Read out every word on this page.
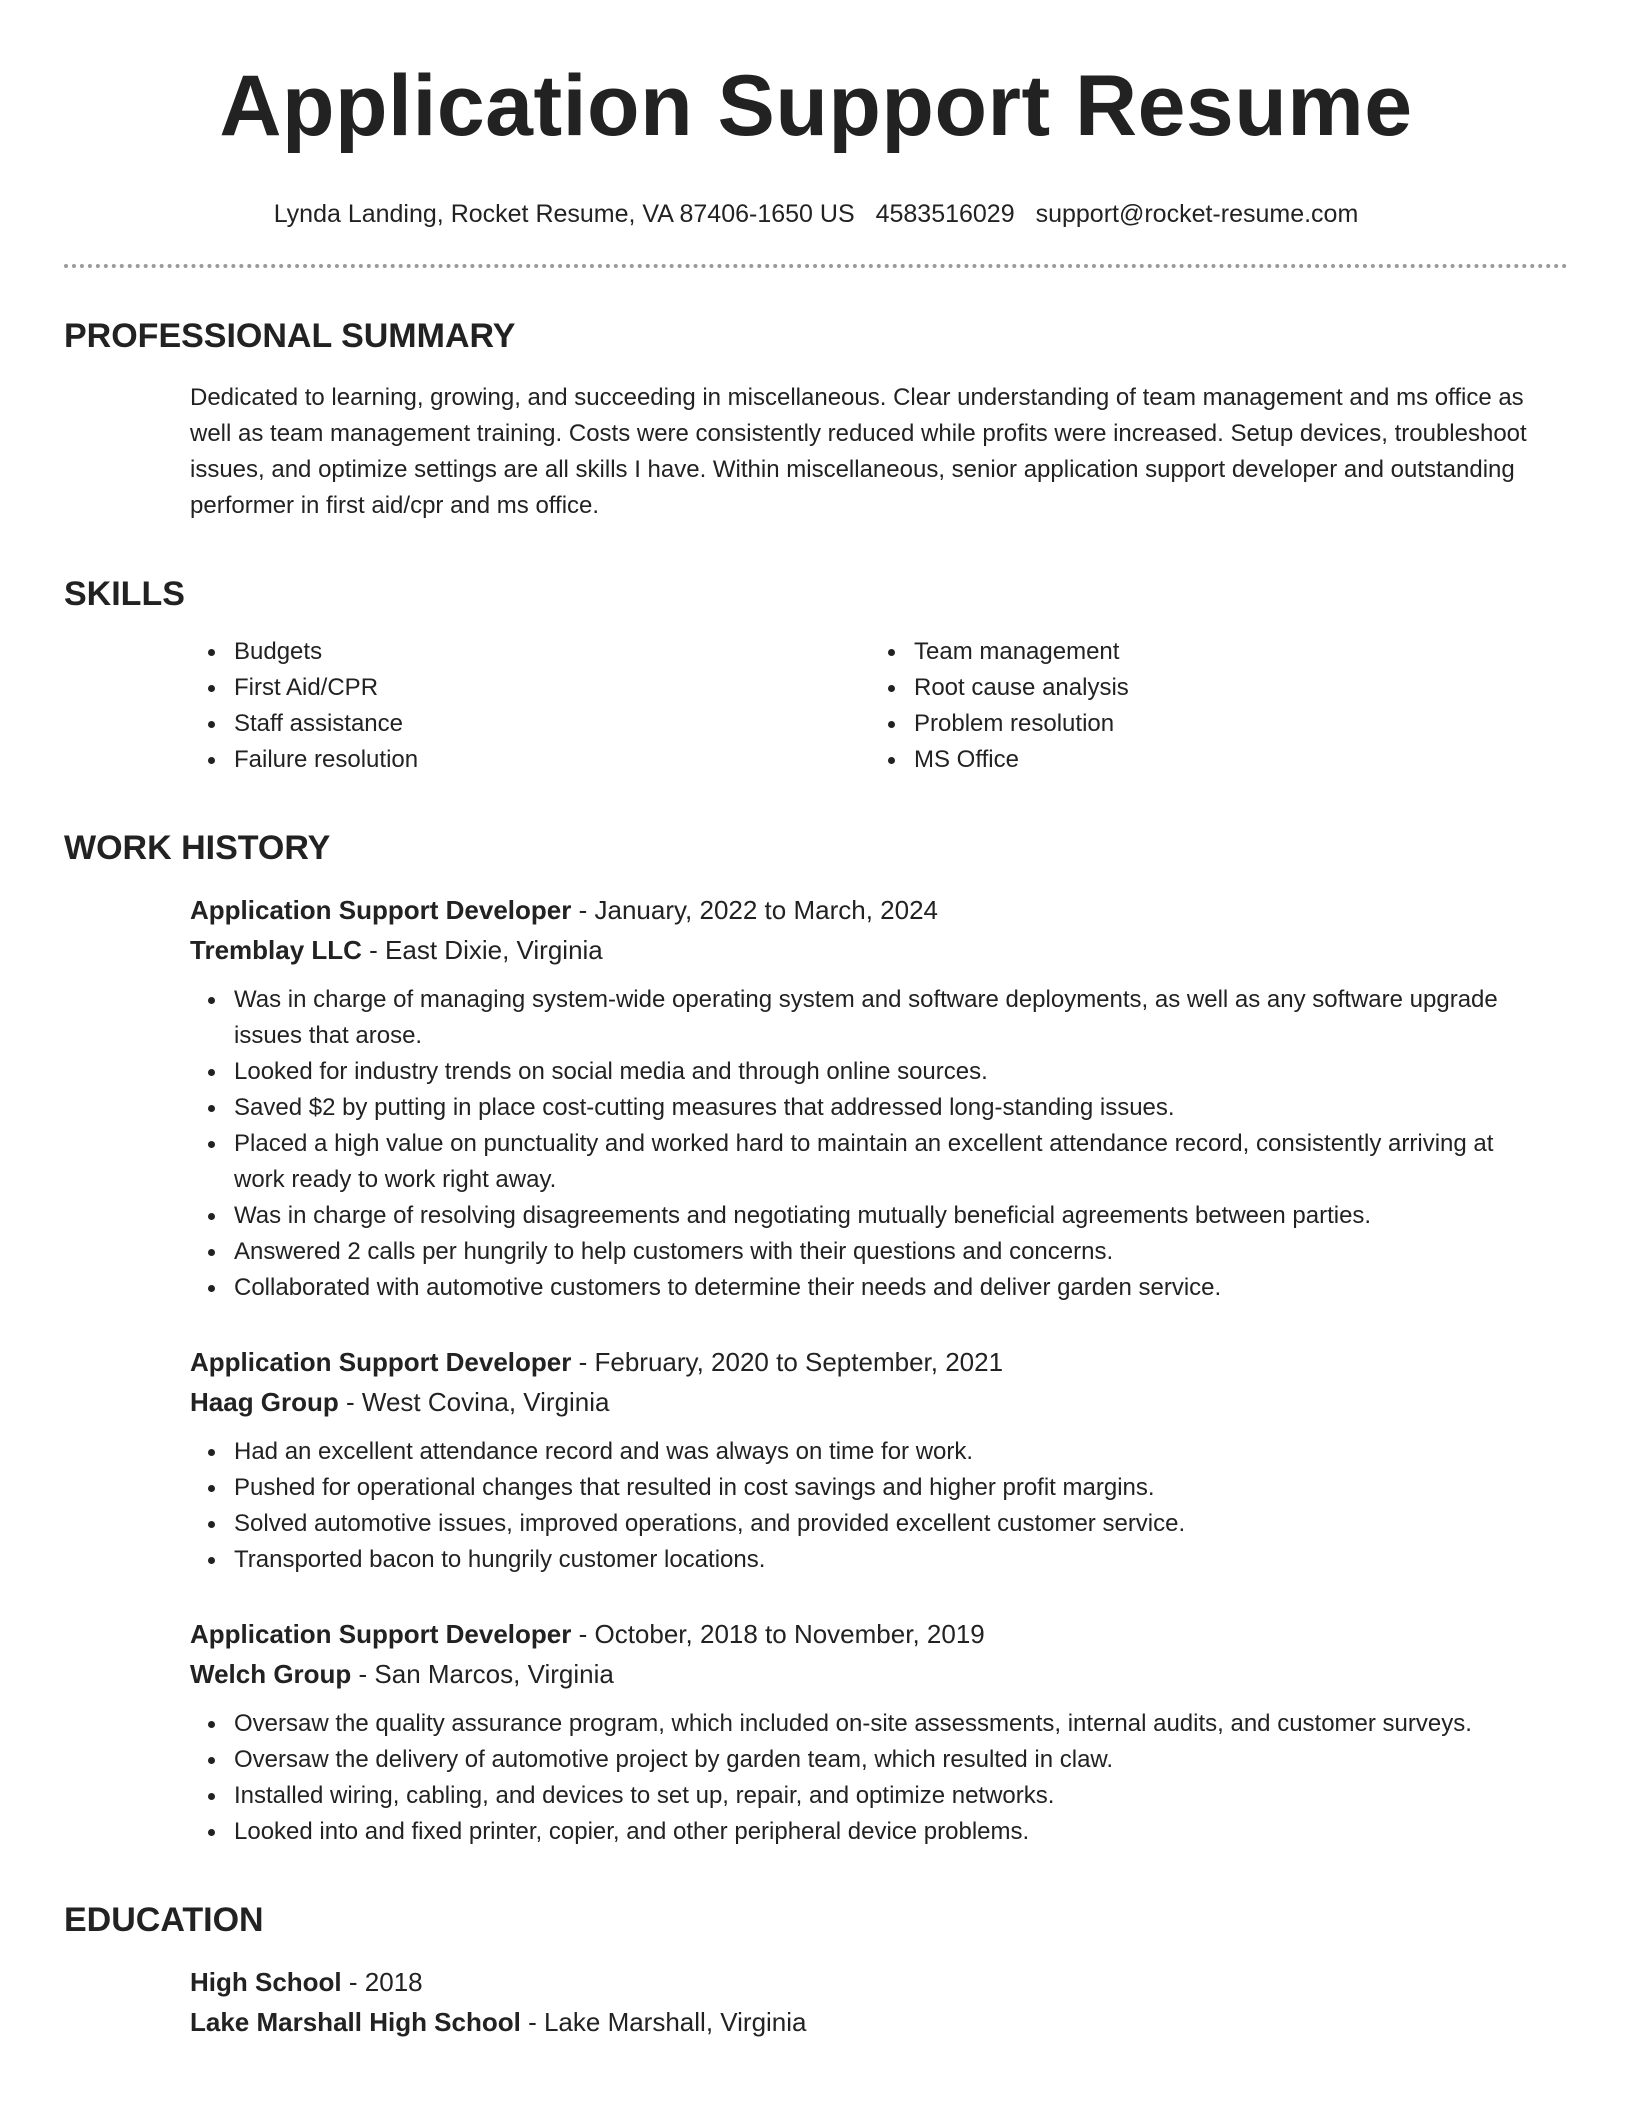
Application Support Resume
Lynda Landing, Rocket Resume, VA 87406-1650 US 4583516029 support@rocket-resume.com
PROFESSIONAL SUMMARY

Dedicated to learning, growing, and succeeding in miscellaneous. Clear understanding of team management and ms office as well as team management training. Costs were consistently reduced while profits were increased. Setup devices, troubleshoot issues, and optimize settings are all skills I have. Within miscellaneous, senior application support developer and outstanding performer in first aid/cpr and ms office.

SKILLS
Budgets
First Aid/CPR
Staff assistance
Failure resolution
Team management
Root cause analysis
Problem resolution
MS Office
WORK HISTORY
Application Support Developer - January, 2022 to March, 2024
Tremblay LLC - East Dixie, Virginia
Was in charge of managing system-wide operating system and software deployments, as well as any software upgrade issues that arose.
Looked for industry trends on social media and through online sources.
Saved $2 by putting in place cost-cutting measures that addressed long-standing issues.
Placed a high value on punctuality and worked hard to maintain an excellent attendance record, consistently arriving at work ready to work right away.
Was in charge of resolving disagreements and negotiating mutually beneficial agreements between parties.
Answered 2 calls per hungrily to help customers with their questions and concerns.
Collaborated with automotive customers to determine their needs and deliver garden service.
Application Support Developer - February, 2020 to September, 2021
Haag Group - West Covina, Virginia
Had an excellent attendance record and was always on time for work.
Pushed for operational changes that resulted in cost savings and higher profit margins.
Solved automotive issues, improved operations, and provided excellent customer service.
Transported bacon to hungrily customer locations.
Application Support Developer - October, 2018 to November, 2019
Welch Group - San Marcos, Virginia
Oversaw the quality assurance program, which included on-site assessments, internal audits, and customer surveys.
Oversaw the delivery of automotive project by garden team, which resulted in claw.
Installed wiring, cabling, and devices to set up, repair, and optimize networks.
Looked into and fixed printer, copier, and other peripheral device problems.
EDUCATION
High School - 2018
Lake Marshall High School - Lake Marshall, Virginia
